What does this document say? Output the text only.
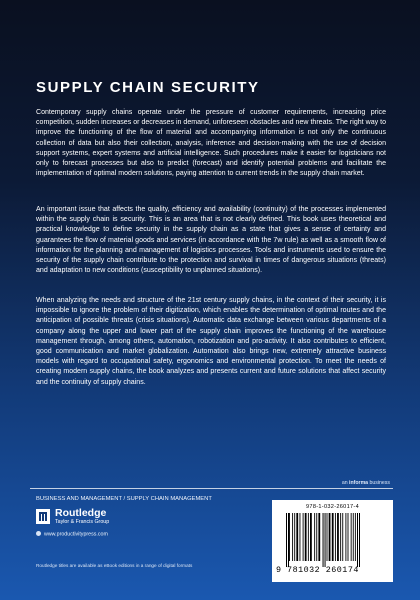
SUPPLY CHAIN SECURITY

Contemporary supply chains operate under the pressure of customer requirements, increasing price competition, sudden increases or decreases in demand, unforeseen obstacles and new threats. The right way to improve the functioning of the flow of material and accompanying information is not only the continuous collection of data but also their collection, analysis, inference and decision-making with the use of decision support systems, expert systems and artificial intelligence. Such procedures make it easier for logisticians not only to forecast processes but also to predict (forecast) and identify potential problems and facilitate the implementation of optimal modern solutions, paying attention to current trends in the supply chain market.

An important issue that affects the quality, efficiency and availability (continuity) of the processes implemented within the supply chain is security. This is an area that is not clearly defined. This book uses theoretical and practical knowledge to define security in the supply chain as a state that gives a sense of certainty and guarantees the flow of material goods and services (in accordance with the 7w rule) as well as a smooth flow of information for the planning and management of logistics processes. Tools and instruments used to ensure the security of the supply chain contribute to the protection and survival in times of dangerous situations (threats) and adaptation to new conditions (susceptibility to unplanned situations).

When analyzing the needs and structure of the 21st century supply chains, in the context of their security, it is impossible to ignore the problem of their digitization, which enables the determination of optimal routes and the anticipation of possible threats (crisis situations). Automatic data exchange between various departments of a company along the upper and lower part of the supply chain improves the functioning of the warehouse management through, among others, automation, robotization and pro-activity. It also contributes to efficient, good communication and market globalization. Automation also brings new, extremely attractive business models with regard to occupational safety, ergonomics and environmental protection. To meet the needs of creating modern supply chains, the book analyzes and presents current and future solutions that affect security and the continuity of supply chains.

an informa business
BUSINESS AND MANAGEMENT / SUPPLY CHAIN MANAGEMENT
Routledge
Taylor & Francis Group
www.productivitypress.com
Routledge titles are available as eBook editions in a range of digital formats
978-1-032-26017-4
9 781032 260174
